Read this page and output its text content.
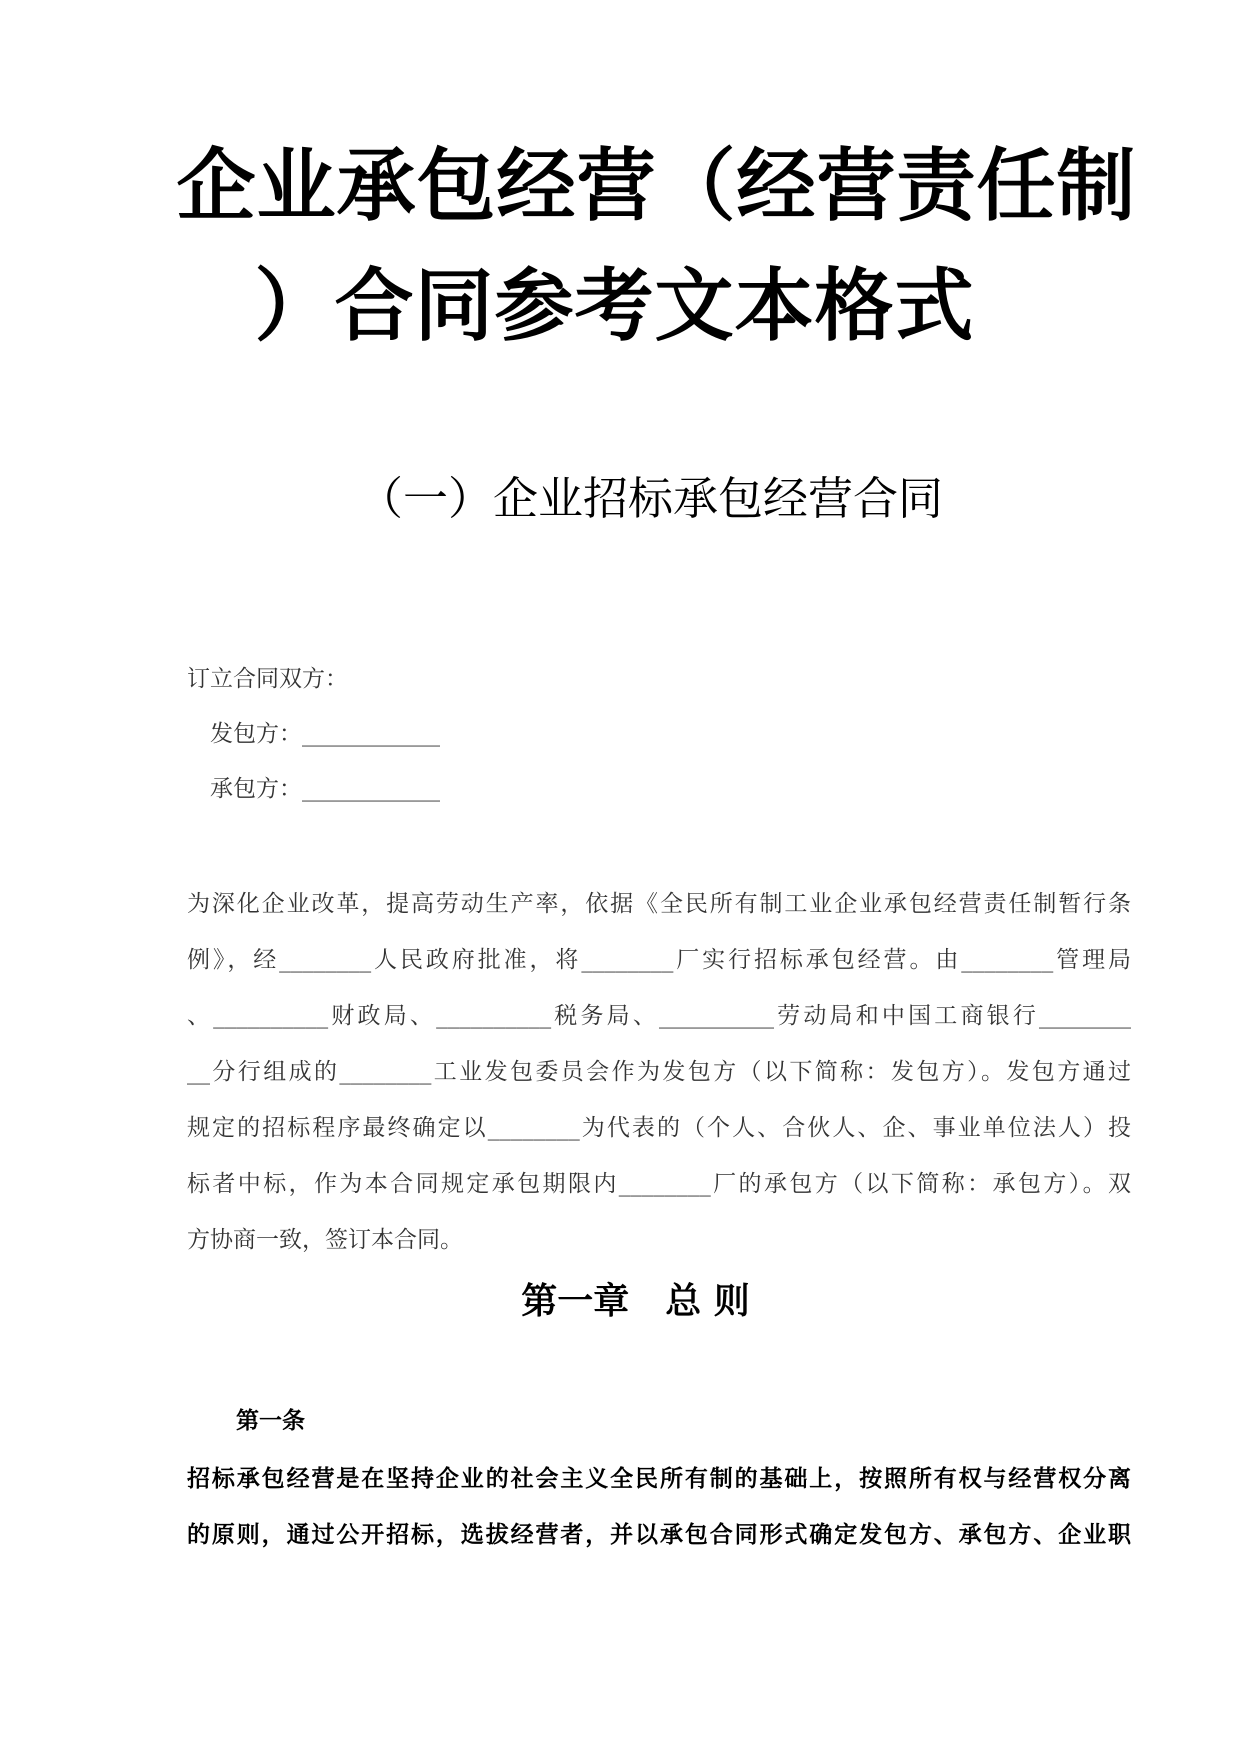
企业承包经营（经营责任制
）合同参考文本格式
（一）企业招标承包经营合同
订立合同双方：
　发包方：____________
　承包方：____________
为深化企业改革，提高劳动生产率，依据《全民所有制工业企业承包经营责任制暂行条
例》，经________人民政府批准，将________厂实行招标承包经营。由________管理局
、__________财政局、__________税务局、__________劳动局和中国工商银行________
__分行组成的________工业发包委员会作为发包方（以下简称：发包方）。发包方通过
规定的招标程序最终确定以________为代表的（个人、合伙人、企、事业单位法人）投
标者中标，作为本合同规定承包期限内________厂的承包方（以下简称：承包方）。双
方协商一致，签订本合同。
第一章　总 则
第一条
招标承包经营是在坚持企业的社会主义全民所有制的基础上，按照所有权与经营权分离
的原则，通过公开招标，选拔经营者，并以承包合同形式确定发包方、承包方、企业职
